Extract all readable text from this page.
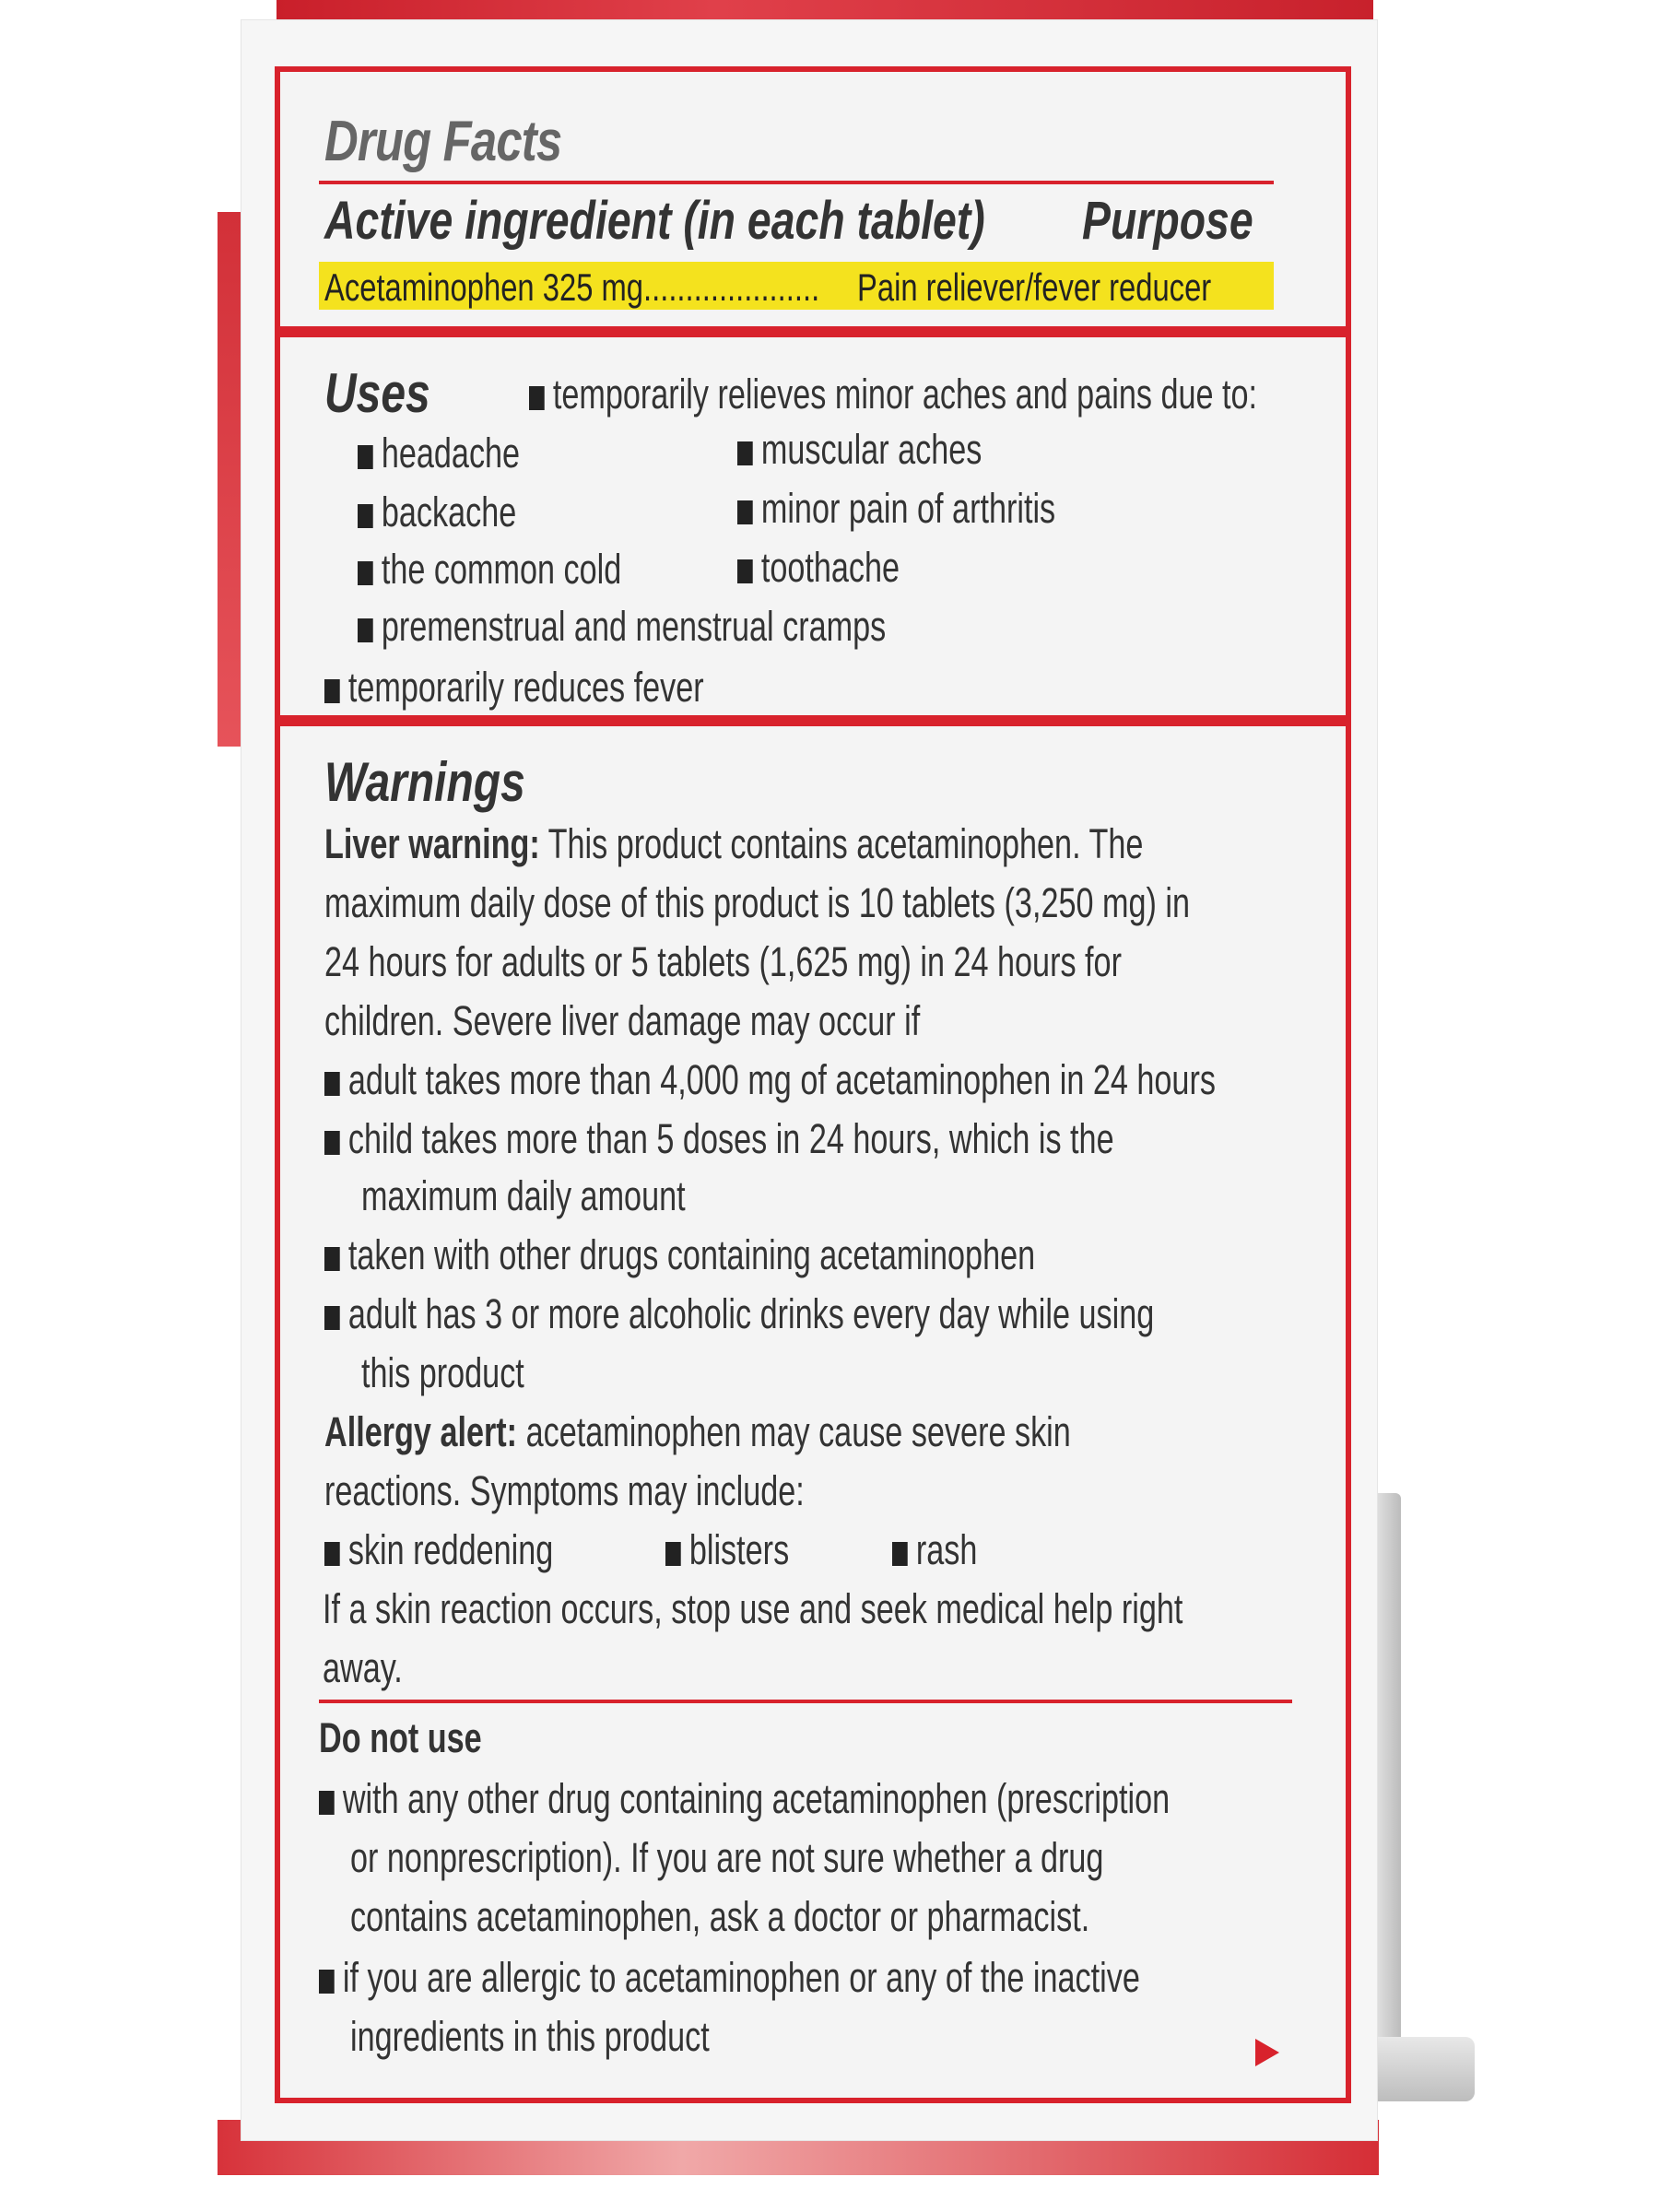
Drug Facts
Active ingredient (in each tablet) Purpose
Acetaminophen 325 mg..................... Pain reliever/fever reducer
Uses	temporarily relieves minor aches and pains due to:
headache
backache
the common cold
muscular aches
minor pain of arthritis
toothache
premenstrual and menstrual cramps
temporarily reduces fever
Warnings
Liver warning: This product contains acetaminophen. The
maximum daily dose of this product is 10 tablets (3,250 mg) in
24 hours for adults or 5 tablets (1,625 mg) in 24 hours for
children. Severe liver damage may occur if
adult takes more than 4,000 mg of acetaminophen in 24 hours
child takes more than 5 doses in 24 hours, which is the
maximum daily amount
taken with other drugs containing acetaminophen
adult has 3 or more alcoholic drinks every day while using
this product
Allergy alert: acetaminophen may cause severe skin
reactions. Symptoms may include:
skin reddening	blisters	rash
If a skin reaction occurs, stop use and seek medical help right
away.
Do not use
with any other drug containing acetaminophen (prescription
or nonprescription). If you are not sure whether a drug
contains acetaminophen, ask a doctor or pharmacist.
if you are allergic to acetaminophen or any of the inactive
ingredients in this product
